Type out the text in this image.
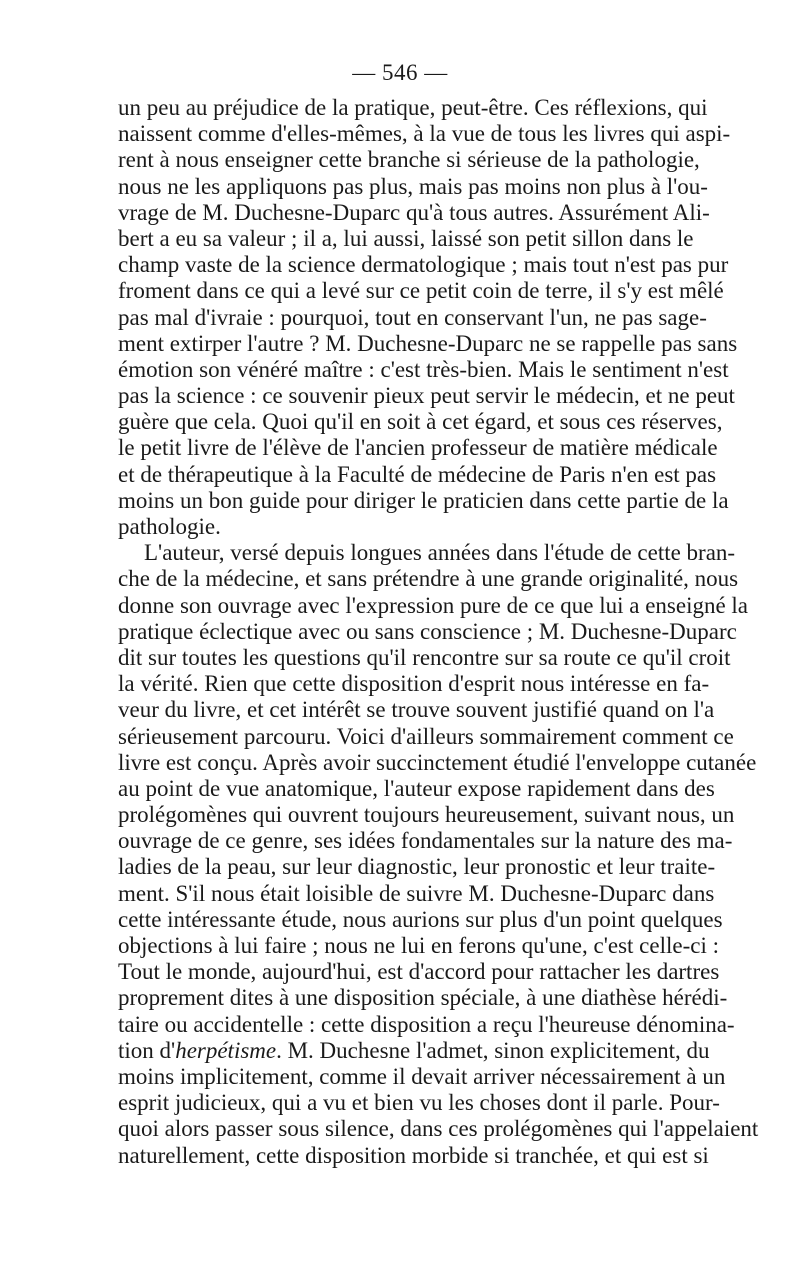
— 546 —
un peu au préjudice de la pratique, peut-être. Ces réflexions, qui
naissent comme d'elles-mêmes, à la vue de tous les livres qui aspi-
rent à nous enseigner cette branche si sérieuse de la pathologie,
nous ne les appliquons pas plus, mais pas moins non plus à l'ou-
vrage de M. Duchesne-Duparc qu'à tous autres. Assurément Ali-
bert a eu sa valeur ; il a, lui aussi, laissé son petit sillon dans le
champ vaste de la science dermatologique ; mais tout n'est pas pur
froment dans ce qui a levé sur ce petit coin de terre, il s'y est mêlé
pas mal d'ivraie : pourquoi, tout en conservant l'un, ne pas sage-
ment extirper l'autre ? M. Duchesne-Duparc ne se rappelle pas sans
émotion son vénéré maître : c'est très-bien. Mais le sentiment n'est
pas la science : ce souvenir pieux peut servir le médecin, et ne peut
guère que cela. Quoi qu'il en soit à cet égard, et sous ces réserves,
le petit livre de l'élève de l'ancien professeur de matière médicale
et de thérapeutique à la Faculté de médecine de Paris n'en est pas
moins un bon guide pour diriger le praticien dans cette partie de la
pathologie.
L'auteur, versé depuis longues années dans l'étude de cette bran-
che de la médecine, et sans prétendre à une grande originalité, nous
donne son ouvrage avec l'expression pure de ce que lui a enseigné la
pratique éclectique avec ou sans conscience ; M. Duchesne-Duparc
dit sur toutes les questions qu'il rencontre sur sa route ce qu'il croit
la vérité. Rien que cette disposition d'esprit nous intéresse en fa-
veur du livre, et cet intérêt se trouve souvent justifié quand on l'a
sérieusement parcouru. Voici d'ailleurs sommairement comment ce
livre est conçu. Après avoir succinctement étudié l'enveloppe cutanée
au point de vue anatomique, l'auteur expose rapidement dans des
prolégomènes qui ouvrent toujours heureusement, suivant nous, un
ouvrage de ce genre, ses idées fondamentales sur la nature des ma-
ladies de la peau, sur leur diagnostic, leur pronostic et leur traite-
ment. S'il nous était loisible de suivre M. Duchesne-Duparc dans
cette intéressante étude, nous aurions sur plus d'un point quelques
objections à lui faire ; nous ne lui en ferons qu'une, c'est celle-ci :
Tout le monde, aujourd'hui, est d'accord pour rattacher les dartres
proprement dites à une disposition spéciale, à une diathèse hérédi-
taire ou accidentelle : cette disposition a reçu l'heureuse dénomina-
tion d'herpétisme. M. Duchesne l'admet, sinon explicitement, du
moins implicitement, comme il devait arriver nécessairement à un
esprit judicieux, qui a vu et bien vu les choses dont il parle. Pour-
quoi alors passer sous silence, dans ces prolégomènes qui l'appelaient
naturellement, cette disposition morbide si tranchée, et qui est si
